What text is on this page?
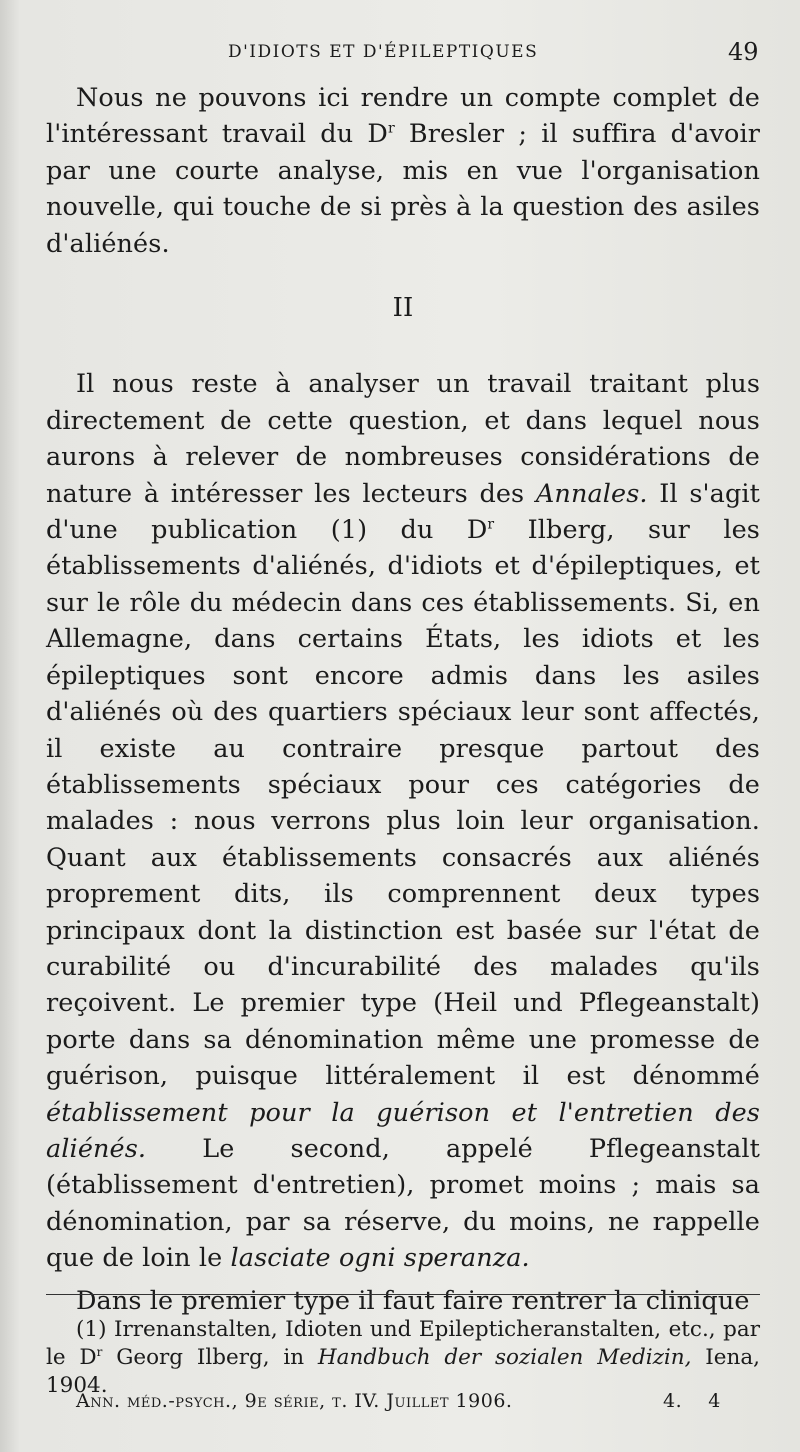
D'IDIOTS ET D'ÉPILEPTIQUES	49

Nous ne pouvons ici rendre un compte complet de l'intéressant travail du $D^r$ Bresler ; il suffira d'avoir par une courte analyse, mis en vue l'organisation nouvelle, qui touche de si près à la question des asiles d'aliénés.

II

Il nous reste à analyser un travail traitant plus directement de cette question, et dans lequel nous aurons à relever de nombreuses considérations de nature à intéresser les lecteurs des Annales. Il s'agit d'une publication (1) du $D^r$ Ilberg, sur les établissements d'aliénés, d'idiots et d'épileptiques, et sur le rôle du médecin dans ces établissements. Si, en Allemagne, dans certains États, les idiots et les épileptiques sont encore admis dans les asiles d'aliénés où des quartiers spéciaux leur sont affectés, il existe au contraire presque partout des établissements spéciaux pour ces catégories de malades : nous verrons plus loin leur organisation. Quant aux établissements consacrés aux aliénés proprement dits, ils comprennent deux types principaux dont la distinction est basée sur l'état de curabilité ou d'incurabilité des malades qu'ils reçoivent. Le premier type (Heil und Pflegeanstalt) porte dans sa dénomination même une promesse de guérison, puisque littéralement il est dénommé établissement pour la guérison et l'entretien des aliénés. Le second, appelé Pflegeanstalt (établissement d'entretien), promet moins ; mais sa dénomination, par sa réserve, du moins, ne rappelle que de loin le lasciate ogni speranza.

Dans le premier type il faut faire rentrer la clinique

(1) Irrenanstalten, Idioten und Epilepticheranstalten, etc., par le $D^r$ Georg Ilberg, in Handbuch der sozialen Medizin, Iena, 1904.

Ann. méd.-psych., 9e série, t. IV. Juillet 1906.	4.    4
